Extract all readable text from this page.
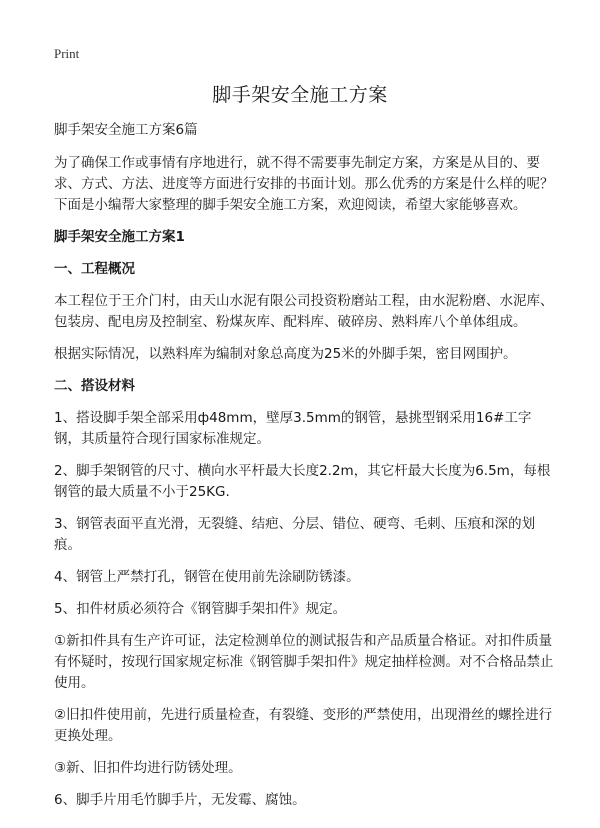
Print
脚手架安全施工方案

脚手架安全施工方案6篇

为了确保工作或事情有序地进行，就不得不需要事先制定方案，方案是从目的、要求、方式、方法、进度等方面进行安排的书面计划。那么优秀的方案是什么样的呢？下面是小编帮大家整理的脚手架安全施工方案，欢迎阅读，希望大家能够喜欢。

脚手架安全施工方案1

一、工程概况

本工程位于王介门村，由天山水泥有限公司投资粉磨站工程，由水泥粉磨、水泥库、包装房、配电房及控制室、粉煤灰库、配料库、破碎房、熟料库八个单体组成。

根据实际情况，以熟料库为编制对象总高度为25米的外脚手架，密目网围护。

二、搭设材料

1、搭设脚手架全部采用ф48mm，壁厚3.5mm的钢管，悬挑型钢采用16#工字钢，其质量符合现行国家标准规定。

2、脚手架钢管的尺寸、横向水平杆最大长度2.2m，其它杆最大长度为6.5m，每根钢管的最大质量不小于25KG.

3、钢管表面平直光滑，无裂缝、结疤、分层、错位、硬弯、毛刺、压痕和深的划痕。

4、钢管上严禁打孔，钢管在使用前先涂刷防锈漆。

5、扣件材质必须符合《钢管脚手架扣件》规定。

①新扣件具有生产许可证，法定检测单位的测试报告和产品质量合格证。对扣件质量有怀疑时，按现行国家规定标准《钢管脚手架扣件》规定抽样检测。对不合格品禁止使用。

②旧扣件使用前，先进行质量检查，有裂缝、变形的严禁使用，出现滑丝的螺拴进行更换处理。

③新、旧扣件均进行防锈处理。

6、脚手片用毛竹脚手片，无发霉、腐蚀。
